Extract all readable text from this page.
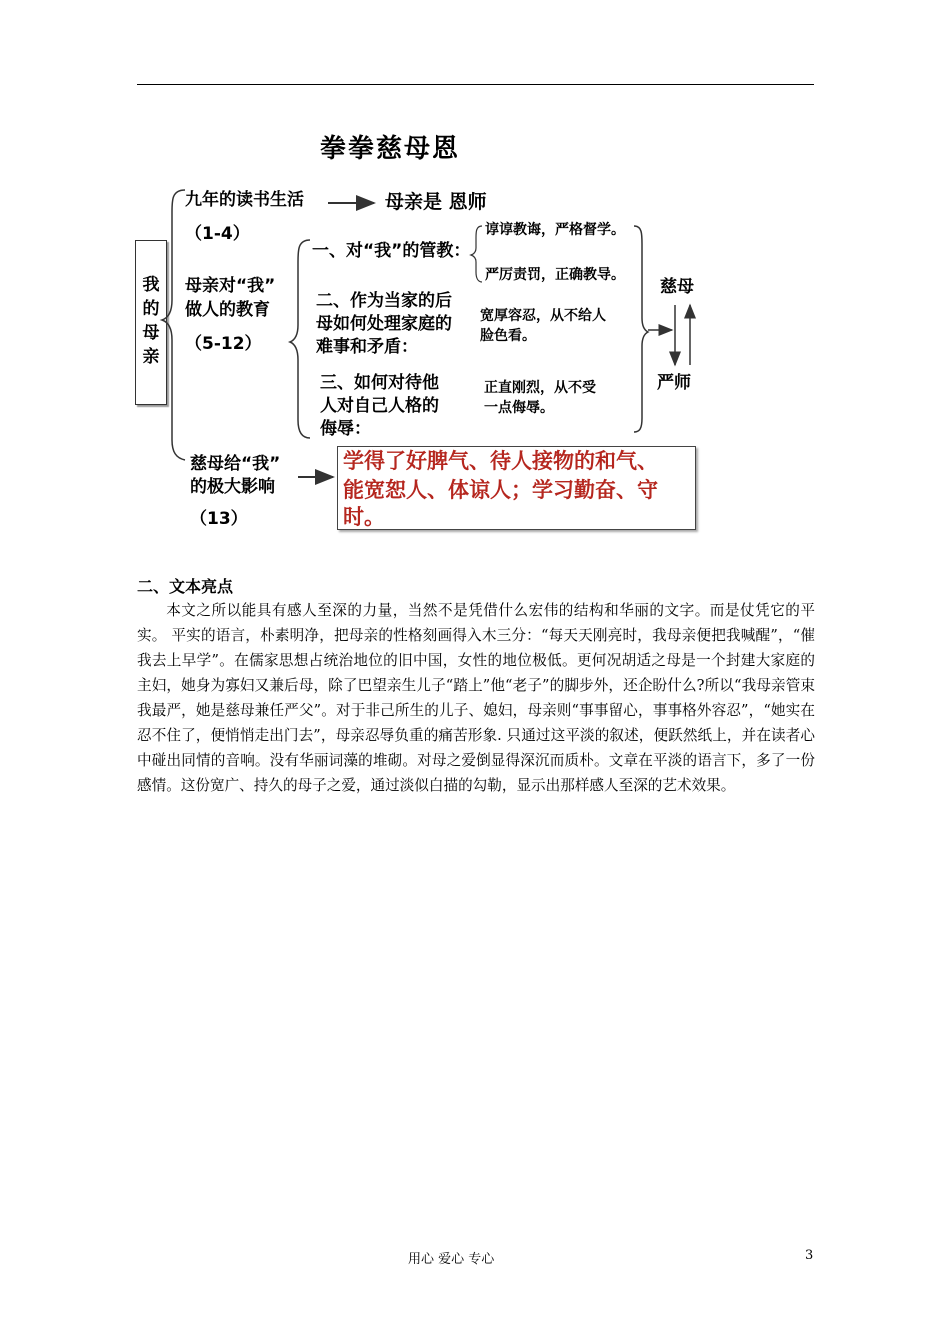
拳拳慈母恩
我的母亲
九年的读书生活
（1-4）
母亲是 恩师
母亲对“我”
做人的教育
（5-12）
一、对“我”的管教：
谆谆教诲，严格督学。
严厉责罚，正确教导。
二、作为当家的后
母如何处理家庭的
难事和矛盾：
宽厚容忍，从不给人
脸色看。
三、如何对待他
人对自己人格的
侮辱：
正直刚烈，从不受
一点侮辱。
慈母
严师
慈母给“我”
的极大影响
（13）
学得了好脾气、待人接物的和气、
能宽恕人、体谅人；学习勤奋、守
时。
二、文本亮点

本文之所以能具有感人至深的力量，当然不是凭借什么宏伟的结构和华丽的文字。而是仗凭它的平实。 平实的语言，朴素明净，把母亲的性格刻画得入木三分：“每天天刚亮时，我母亲便把我喊醒”，“催我去上早学”。在儒家思想占统治地位的旧中国，女性的地位极低。更何况胡适之母是一个封建大家庭的主妇，她身为寡妇又兼后母，除了巴望亲生儿子“踏上”他“老子”的脚步外，还企盼什么?所以“我母亲管束我最严，她是慈母兼任严父”。对于非己所生的儿子、媳妇，母亲则“事事留心，事事格外容忍”，“她实在忍不住了，便悄悄走出门去”，母亲忍辱负重的痛苦形象. 只通过这平淡的叙述，便跃然纸上，并在读者心中碰出同情的音响。没有华丽词藻的堆砌。对母之爱倒显得深沉而质朴。文章在平淡的语言下，多了一份感情。这份宽广、持久的母子之爱，通过淡似白描的勾勒，显示出那样感人至深的艺术效果。

用心 爱心 专心	3
